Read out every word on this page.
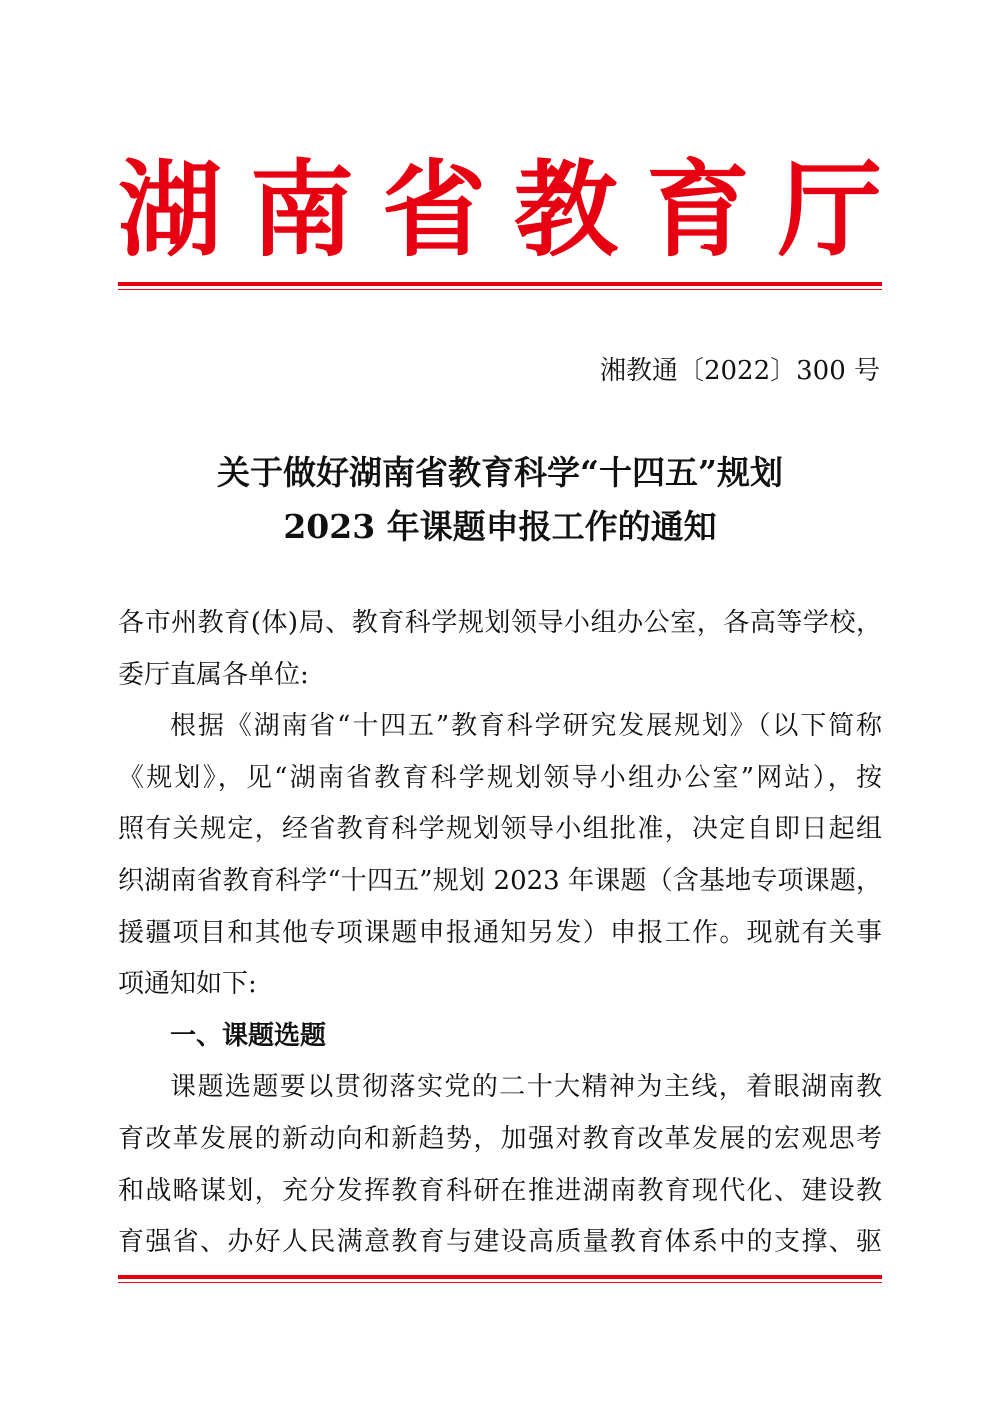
湖南省教育厅
湘教通〔2022〕300 号
关于做好湖南省教育科学“十四五”规划
2023 年课题申报工作的通知
各市州教育(体)局、教育科学规划领导小组办公室，各高等学校，
委厅直属各单位:
根据《湖南省“十四五”教育科学研究发展规划》（以下简称
《规划》，见“湖南省教育科学规划领导小组办公室”网站），按
照有关规定，经省教育科学规划领导小组批准，决定自即日起组
织湖南省教育科学“十四五”规划 2023 年课题（含基地专项课题，
援疆项目和其他专项课题申报通知另发）申报工作。现就有关事
项通知如下:
一、课题选题
课题选题要以贯彻落实党的二十大精神为主线，着眼湖南教
育改革发展的新动向和新趋势，加强对教育改革发展的宏观思考
和战略谋划，充分发挥教育科研在推进湖南教育现代化、建设教
育强省、办好人民满意教育与建设高质量教育体系中的支撑、驱
